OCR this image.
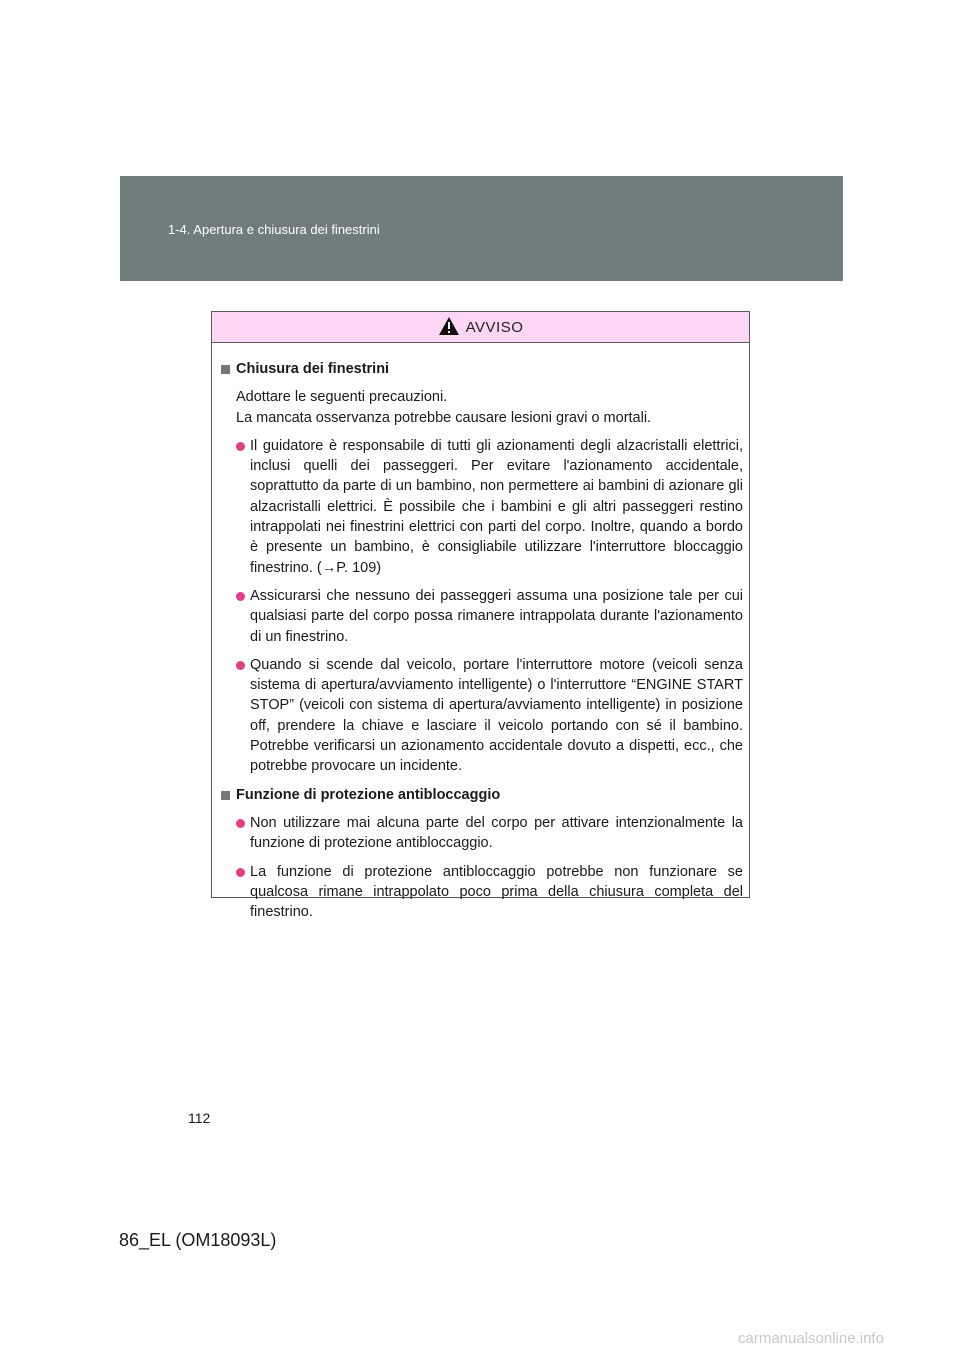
1-4. Apertura e chiusura dei finestrini
AVVISO
Chiusura dei finestrini
Adottare le seguenti precauzioni.
La mancata osservanza potrebbe causare lesioni gravi o mortali.
Il guidatore è responsabile di tutti gli azionamenti degli alzacristalli elettrici, inclusi quelli dei passeggeri. Per evitare l'azionamento accidentale, soprattutto da parte di un bambino, non permettere ai bambini di azionare gli alzacristalli elettrici. È possibile che i bambini e gli altri passeggeri restino intrappolati nei finestrini elettrici con parti del corpo. Inoltre, quando a bordo è presente un bambino, è consigliabile utilizzare l'interruttore bloccaggio finestrino. (→P. 109)
Assicurarsi che nessuno dei passeggeri assuma una posizione tale per cui qualsiasi parte del corpo possa rimanere intrappolata durante l'azionamento di un finestrino.
Quando si scende dal veicolo, portare l'interruttore motore (veicoli senza sistema di apertura/avviamento intelligente) o l'interruttore “ENGINE START STOP” (veicoli con sistema di apertura/avviamento intelligente) in posizione off, prendere la chiave e lasciare il veicolo portando con sé il bambino. Potrebbe verificarsi un azionamento accidentale dovuto a dispetti, ecc., che potrebbe provocare un incidente.
Funzione di protezione antibloccaggio
Non utilizzare mai alcuna parte del corpo per attivare intenzionalmente la funzione di protezione antibloccaggio.
La funzione di protezione antibloccaggio potrebbe non funzionare se qualcosa rimane intrappolato poco prima della chiusura completa del finestrino.
112
86_EL (OM18093L)
carmanualsonline.info
